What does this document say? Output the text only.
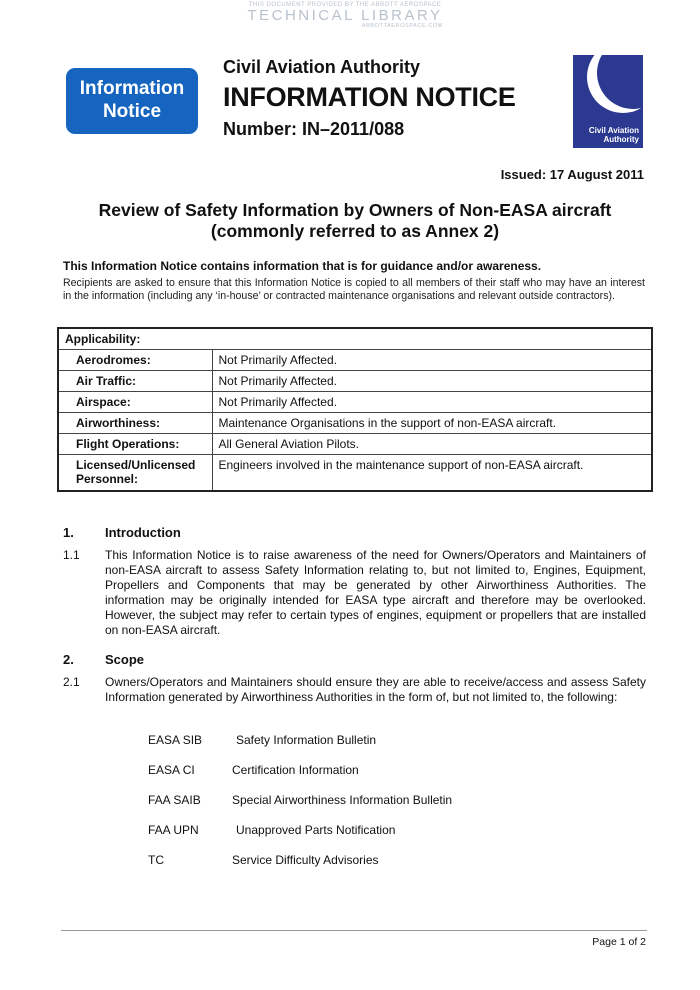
THIS DOCUMENT PROVIDED BY THE ABBOTT AEROSPACE
TECHNICAL LIBRARY
ABBOTTAEROSPACE.COM
Information
Notice
Civil Aviation Authority
INFORMATION NOTICE
Number: IN–2011/088	Civil Aviation
Authority
Issued: 17 August 2011
Review of Safety Information by Owners of Non-EASA aircraft
(commonly referred to as Annex 2)
This Information Notice contains information that is for guidance and/or awareness.
Recipients are asked to ensure that this Information Notice is copied to all members of their staff who may have an interest in the information (including any ‘in-house’ or contracted maintenance organisations and relevant outside contractors).
Applicability:	
Aerodromes:	Not Primarily Affected.
Air Traffic:	Not Primarily Affected.
Airspace:	Not Primarily Affected.
Airworthiness:	Maintenance Organisations in the support of non-EASA aircraft.
Flight Operations:	All General Aviation Pilots.
Licensed/Unlicensed Personnel:	Engineers involved in the maintenance support of non-EASA aircraft.
1. Introduction
1.1 This Information Notice is to raise awareness of the need for Owners/Operators and Maintainers of non-EASA aircraft to assess Safety Information relating to, but not limited to, Engines, Equipment, Propellers and Components that may be generated by other Airworthiness Authorities. The information may be originally intended for EASA type aircraft and therefore may be overlooked. However, the subject may refer to certain types of engines, equipment or propellers that are installed on non-EASA aircraft.
2. Scope
2.1 Owners/Operators and Maintainers should ensure they are able to receive/access and assess Safety Information generated by Airworthiness Authorities in the form of, but not limited to, the following:
EASA SIB	Safety Information Bulletin
EASA CI	Certification Information
FAA SAIB	Special Airworthiness Information Bulletin
FAA UPN	Unapproved Parts Notification
TC	Service Difficulty Advisories
Page 1 of 2
